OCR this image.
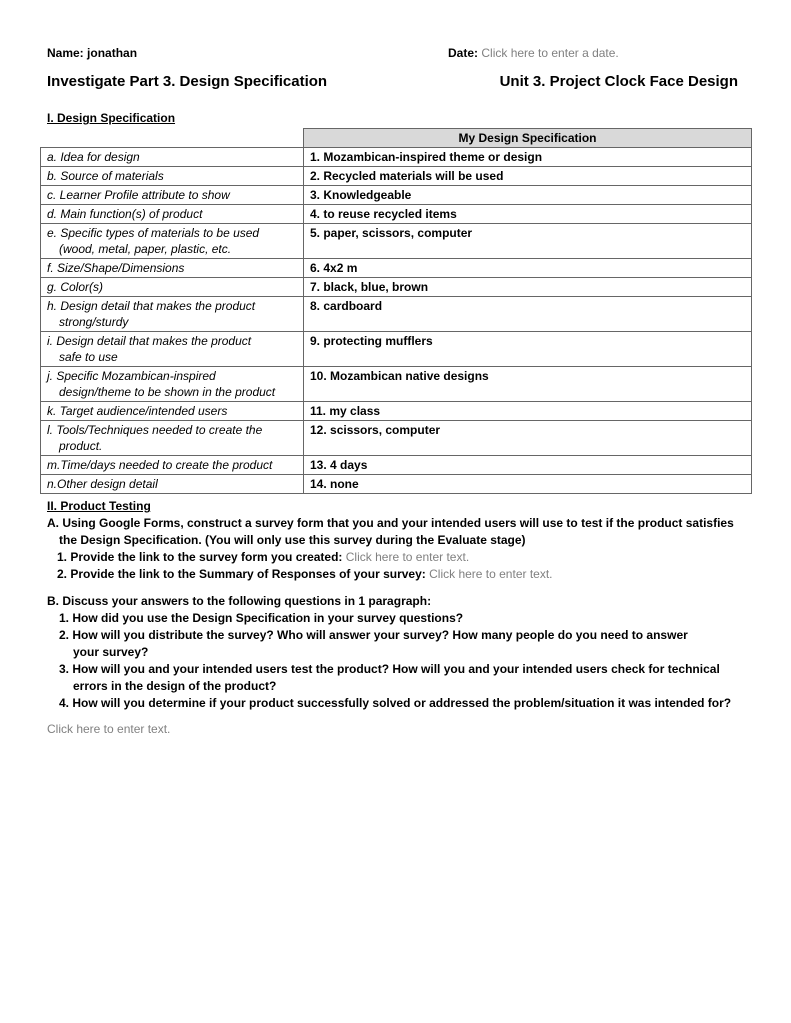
Name: jonathan	Date: Click here to enter a date.
Investigate Part 3. Design Specification	Unit 3. Project Clock Face Design
I. Design Specification
	My Design Specification
a. Idea for design	1. Mozambican-inspired theme or design
b. Source of materials	2. Recycled materials will be used
c. Learner Profile attribute to show	3. Knowledgeable
d. Main function(s) of product	4. to reuse recycled items
e. Specific types of materials to be used
(wood, metal, paper, plastic, etc.	5. paper, scissors, computer
f. Size/Shape/Dimensions	6. 4x2 m
g. Color(s)	7. black, blue, brown
h. Design detail that makes the product
strong/sturdy	8. cardboard
i. Design detail that makes the product
safe to use	9. protecting mufflers
j. Specific Mozambican-inspired
design/theme to be shown in the product	10. Mozambican native designs
k. Target audience/intended users	11. my class
l. Tools/Techniques needed to create the
product.	12. scissors, computer
m.Time/days needed to create the product	13. 4 days
n.Other design detail	14. none
II. Product Testing
A. Using Google Forms, construct a survey form that you and your intended users will use to test if the product satisfies
the Design Specification. (You will only use this survey during the Evaluate stage)
1. Provide the link to the survey form you created: Click here to enter text.
2. Provide the link to the Summary of Responses of your survey: Click here to enter text.
B. Discuss your answers to the following questions in 1 paragraph:
1. How did you use the Design Specification in your survey questions?
2. How will you distribute the survey? Who will answer your survey? How many people do you need to answer
your survey?
3. How will you and your intended users test the product? How will you and your intended users check for technical
errors in the design of the product?
4. How will you determine if your product successfully solved or addressed the problem/situation it was intended for?
Click here to enter text.
